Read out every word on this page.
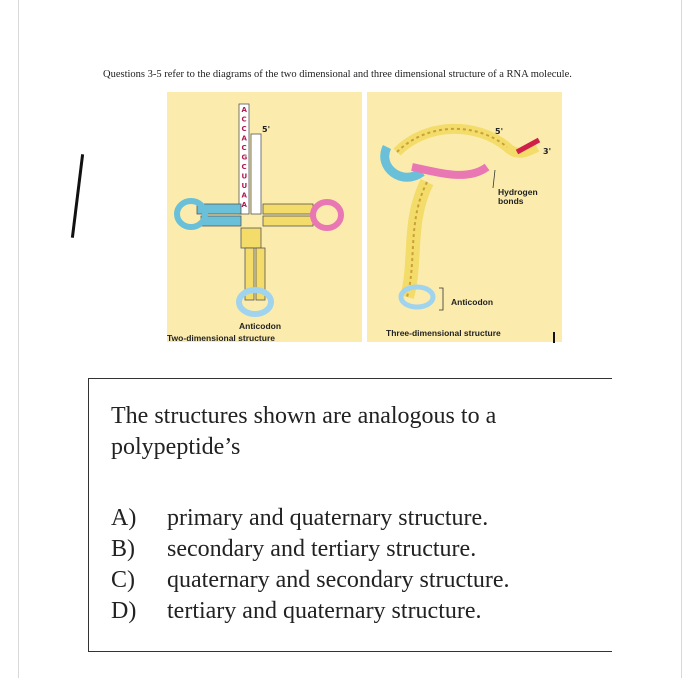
Questions 3-5 refer to the diagrams of the two dimensional and three dimensional structure of a RNA molecule.
A
C
C
A
C
G
C
U
U
A
A
5'
Anticodon
Two-dimensional structure
5'
3'
Hydrogen
bonds
Anticodon
Three-dimensional structure
The structures shown are analogous to a polypeptide’s
A)	primary and quaternary structure.
B)	secondary and tertiary structure.
C)	quaternary and secondary structure.
D)	tertiary and quaternary structure.
